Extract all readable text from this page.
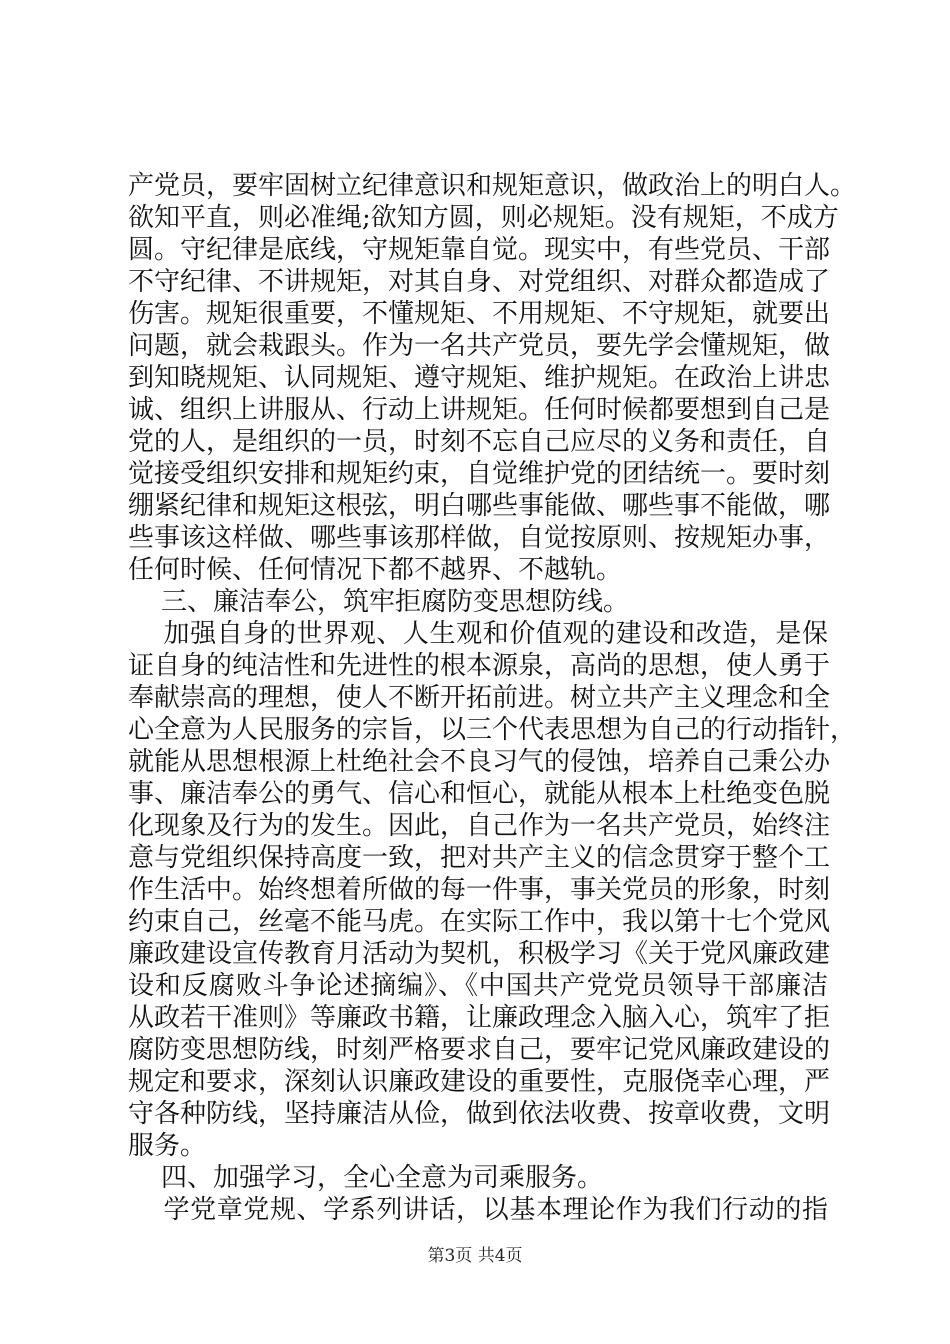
产党员，要牢固树立纪律意识和规矩意识，做政治上的明白人。
欲知平直，则必准绳;欲知方圆，则必规矩。没有规矩，不成方
圆。守纪律是底线，守规矩靠自觉。现实中，有些党员、干部
不守纪律、不讲规矩，对其自身、对党组织、对群众都造成了
伤害。规矩很重要，不懂规矩、不用规矩、不守规矩，就要出
问题，就会栽跟头。作为一名共产党员，要先学会懂规矩，做
到知晓规矩、认同规矩、遵守规矩、维护规矩。在政治上讲忠
诚、组织上讲服从、行动上讲规矩。任何时候都要想到自己是
党的人，是组织的一员，时刻不忘自己应尽的义务和责任，自
觉接受组织安排和规矩约束，自觉维护党的团结统一。要时刻
绷紧纪律和规矩这根弦，明白哪些事能做、哪些事不能做，哪
些事该这样做、哪些事该那样做，自觉按原则、按规矩办事，
任何时候、任何情况下都不越界、不越轨。
三、廉洁奉公，筑牢拒腐防变思想防线。
加强自身的世界观、人生观和价值观的建设和改造，是保
证自身的纯洁性和先进性的根本源泉，高尚的思想，使人勇于
奉献崇高的理想，使人不断开拓前进。树立共产主义理念和全
心全意为人民服务的宗旨，以三个代表思想为自己的行动指针，
就能从思想根源上杜绝社会不良习气的侵蚀，培养自己秉公办
事、廉洁奉公的勇气、信心和恒心，就能从根本上杜绝变色脱
化现象及行为的发生。因此，自己作为一名共产党员，始终注
意与党组织保持高度一致，把对共产主义的信念贯穿于整个工
作生活中。始终想着所做的每一件事，事关党员的形象，时刻
约束自己，丝毫不能马虎。在实际工作中，我以第十七个党风
廉政建设宣传教育月活动为契机，积极学习《关于党风廉政建
设和反腐败斗争论述摘编》、《中国共产党党员领导干部廉洁
从政若干准则》等廉政书籍，让廉政理念入脑入心，筑牢了拒
腐防变思想防线，时刻严格要求自己，要牢记党风廉政建设的
规定和要求，深刻认识廉政建设的重要性，克服侥幸心理，严
守各种防线，坚持廉洁从俭，做到依法收费、按章收费，文明
服务。
四、加强学习，全心全意为司乘服务。
学党章党规、学系列讲话，以基本理论作为我们行动的指
第3页 共4页
